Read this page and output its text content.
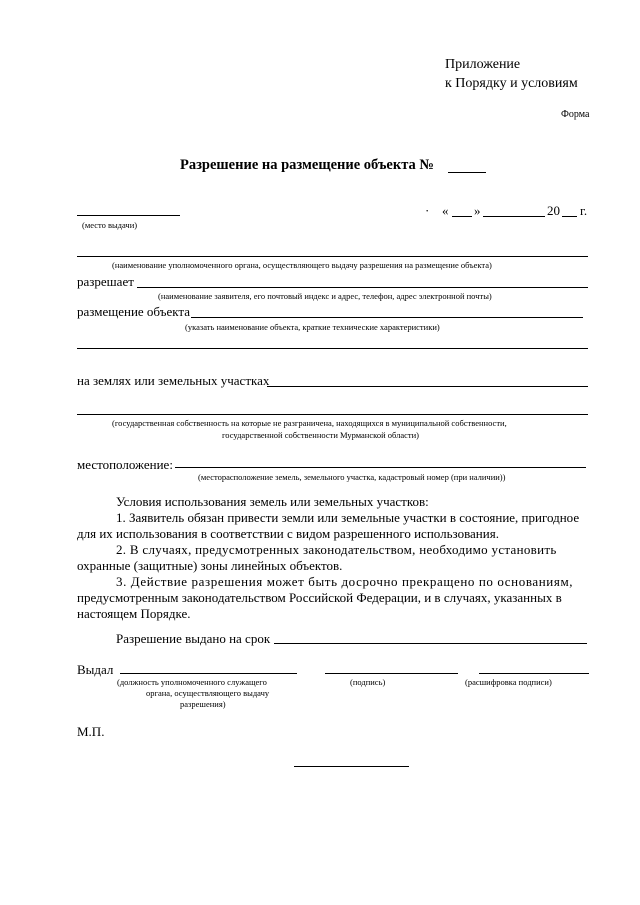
Приложение
к Порядку и условиям
Форма
Разрешение на размещение объекта №
(место выдачи)
· « »	20 г.
(наименование уполномоченного органа, осуществляющего выдачу разрешения на размещение объекта)
разрешает
(наименование заявителя, его почтовый индекс и адрес, телефон, адрес электронной почты)
размещение объекта
(указать наименование объекта, краткие технические характеристики)
на землях или земельных участках
(государственная собственность на которые не разграничена, находящихся в муниципальной собственности,
государственной собственности Мурманской области)
местоположение:
(месторасположение земель, земельного участка, кадастровый номер (при наличии))
Условия использования земель или земельных участков:
1. Заявитель обязан привести земли или земельные участки в состояние, пригодное
для их использования в соответствии с видом разрешенного использования.
2. В случаях, предусмотренных законодательством, необходимо установить
охранные (защитные) зоны линейных объектов.
3. Действие разрешения может быть досрочно прекращено по основаниям,
предусмотренным законодательством Российской Федерации, и в случаях, указанных в
настоящем Порядке.
Разрешение выдано на срок
Выдал
(должность уполномоченного служащего
органа, осуществляющего выдачу
разрешения)
(подпись)	(расшифровка подписи)
М.П.
